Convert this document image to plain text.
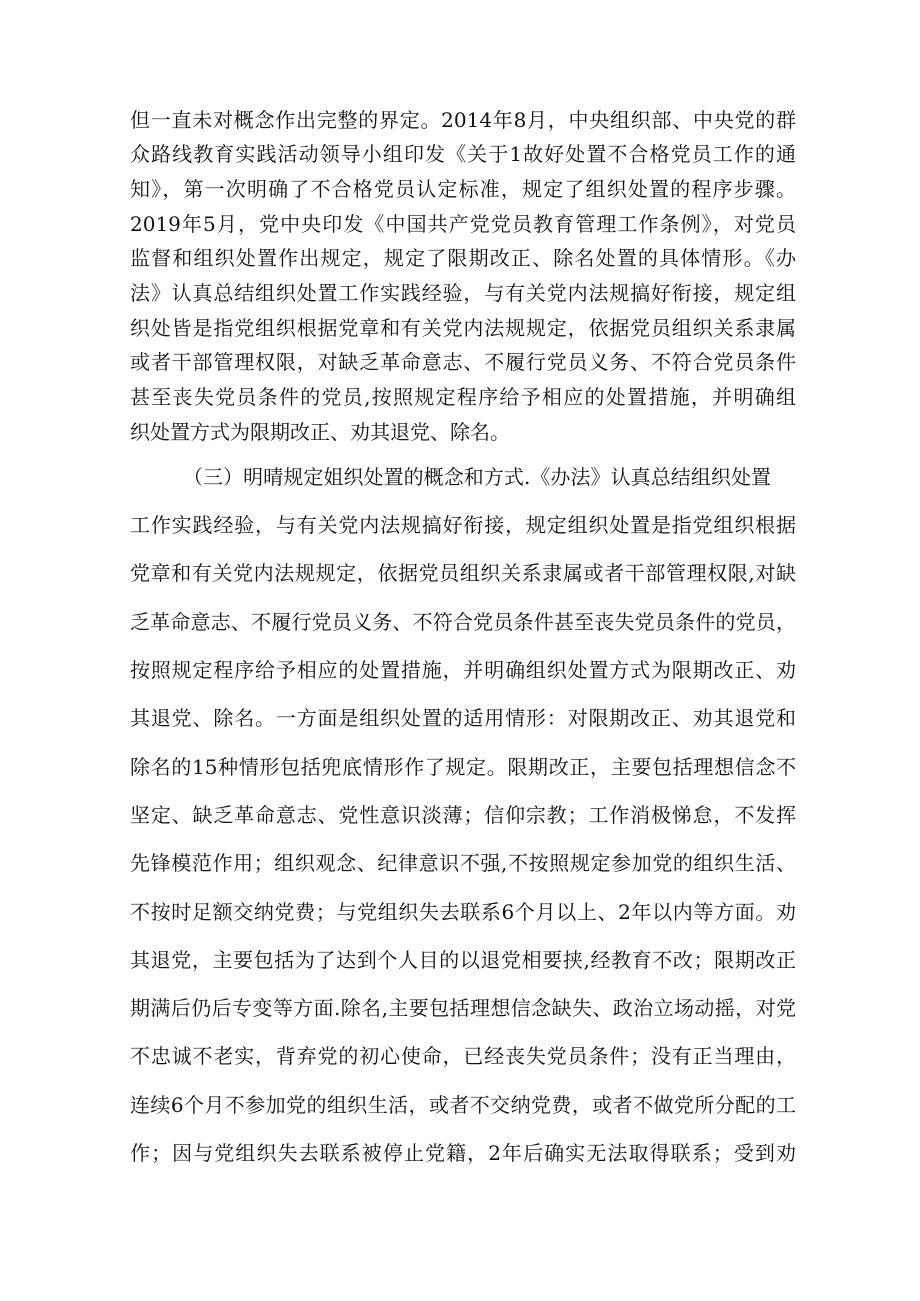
但一直未对概念作出完整的界定。2014年8月，中央组织部、中央党的群
众路线教育实践活动领导小组印发《关于1故好处置不合格党员工作的通
知》，第一次明确了不合格党员认定标准，规定了组织处置的程序步骤。
2019年5月，党中央印发《中国共产党党员教育管理工作条例》，对党员
监督和组织处置作出规定，规定了限期改正、除名处置的具体情形。《办
法》认真总结组织处置工作实践经验，与有关党内法规搞好衔接，规定组
织处皆是指党组织根据党章和有关党内法规规定，依据党员组织关系隶属
或者干部管理权限，对缺乏革命意志、不履行党员义务、不符合党员条件
甚至丧失党员条件的党员,按照规定程序给予相应的处置措施，并明确组
织处置方式为限期改正、劝其退党、除名。
（三）明晴规定姐织处置的概念和方式.《办法》认真总结组织处置
工作实践经验，与有关党内法规搞好衔接，规定组织处置是指党组织根据
党章和有关党内法规规定，依据党员组织关系隶属或者干部管理权限,对缺
乏革命意志、不履行党员义务、不符合党员条件甚至丧失党员条件的党员，
按照规定程序给予相应的处置措施，并明确组织处置方式为限期改正、劝
其退党、除名。一方面是组织处置的适用情形：对限期改正、劝其退党和
除名的15种情形包括兜底情形作了规定。限期改正，主要包括理想信念不
坚定、缺乏革命意志、党性意识淡薄；信仰宗教；工作消极悌怠，不发挥
先锋模范作用；组织观念、纪律意识不强,不按照规定参加党的组织生活、
不按时足额交纳党费；与党组织失去联系6个月以上、2年以内等方面。劝
其退党，主要包括为了达到个人目的以退党相要挟,经教育不改；限期改正
期满后仍后专变等方面.除名,主要包括理想信念缺失、政治立场动摇，对党
不忠诚不老实，背弃党的初心使命，已经丧失党员条件；没有正当理由，
连续6个月不参加党的组织生活，或者不交纳党费，或者不做党所分配的工
作；因与党组织失去联系被停止党籍，2年后确实无法取得联系；受到劝
